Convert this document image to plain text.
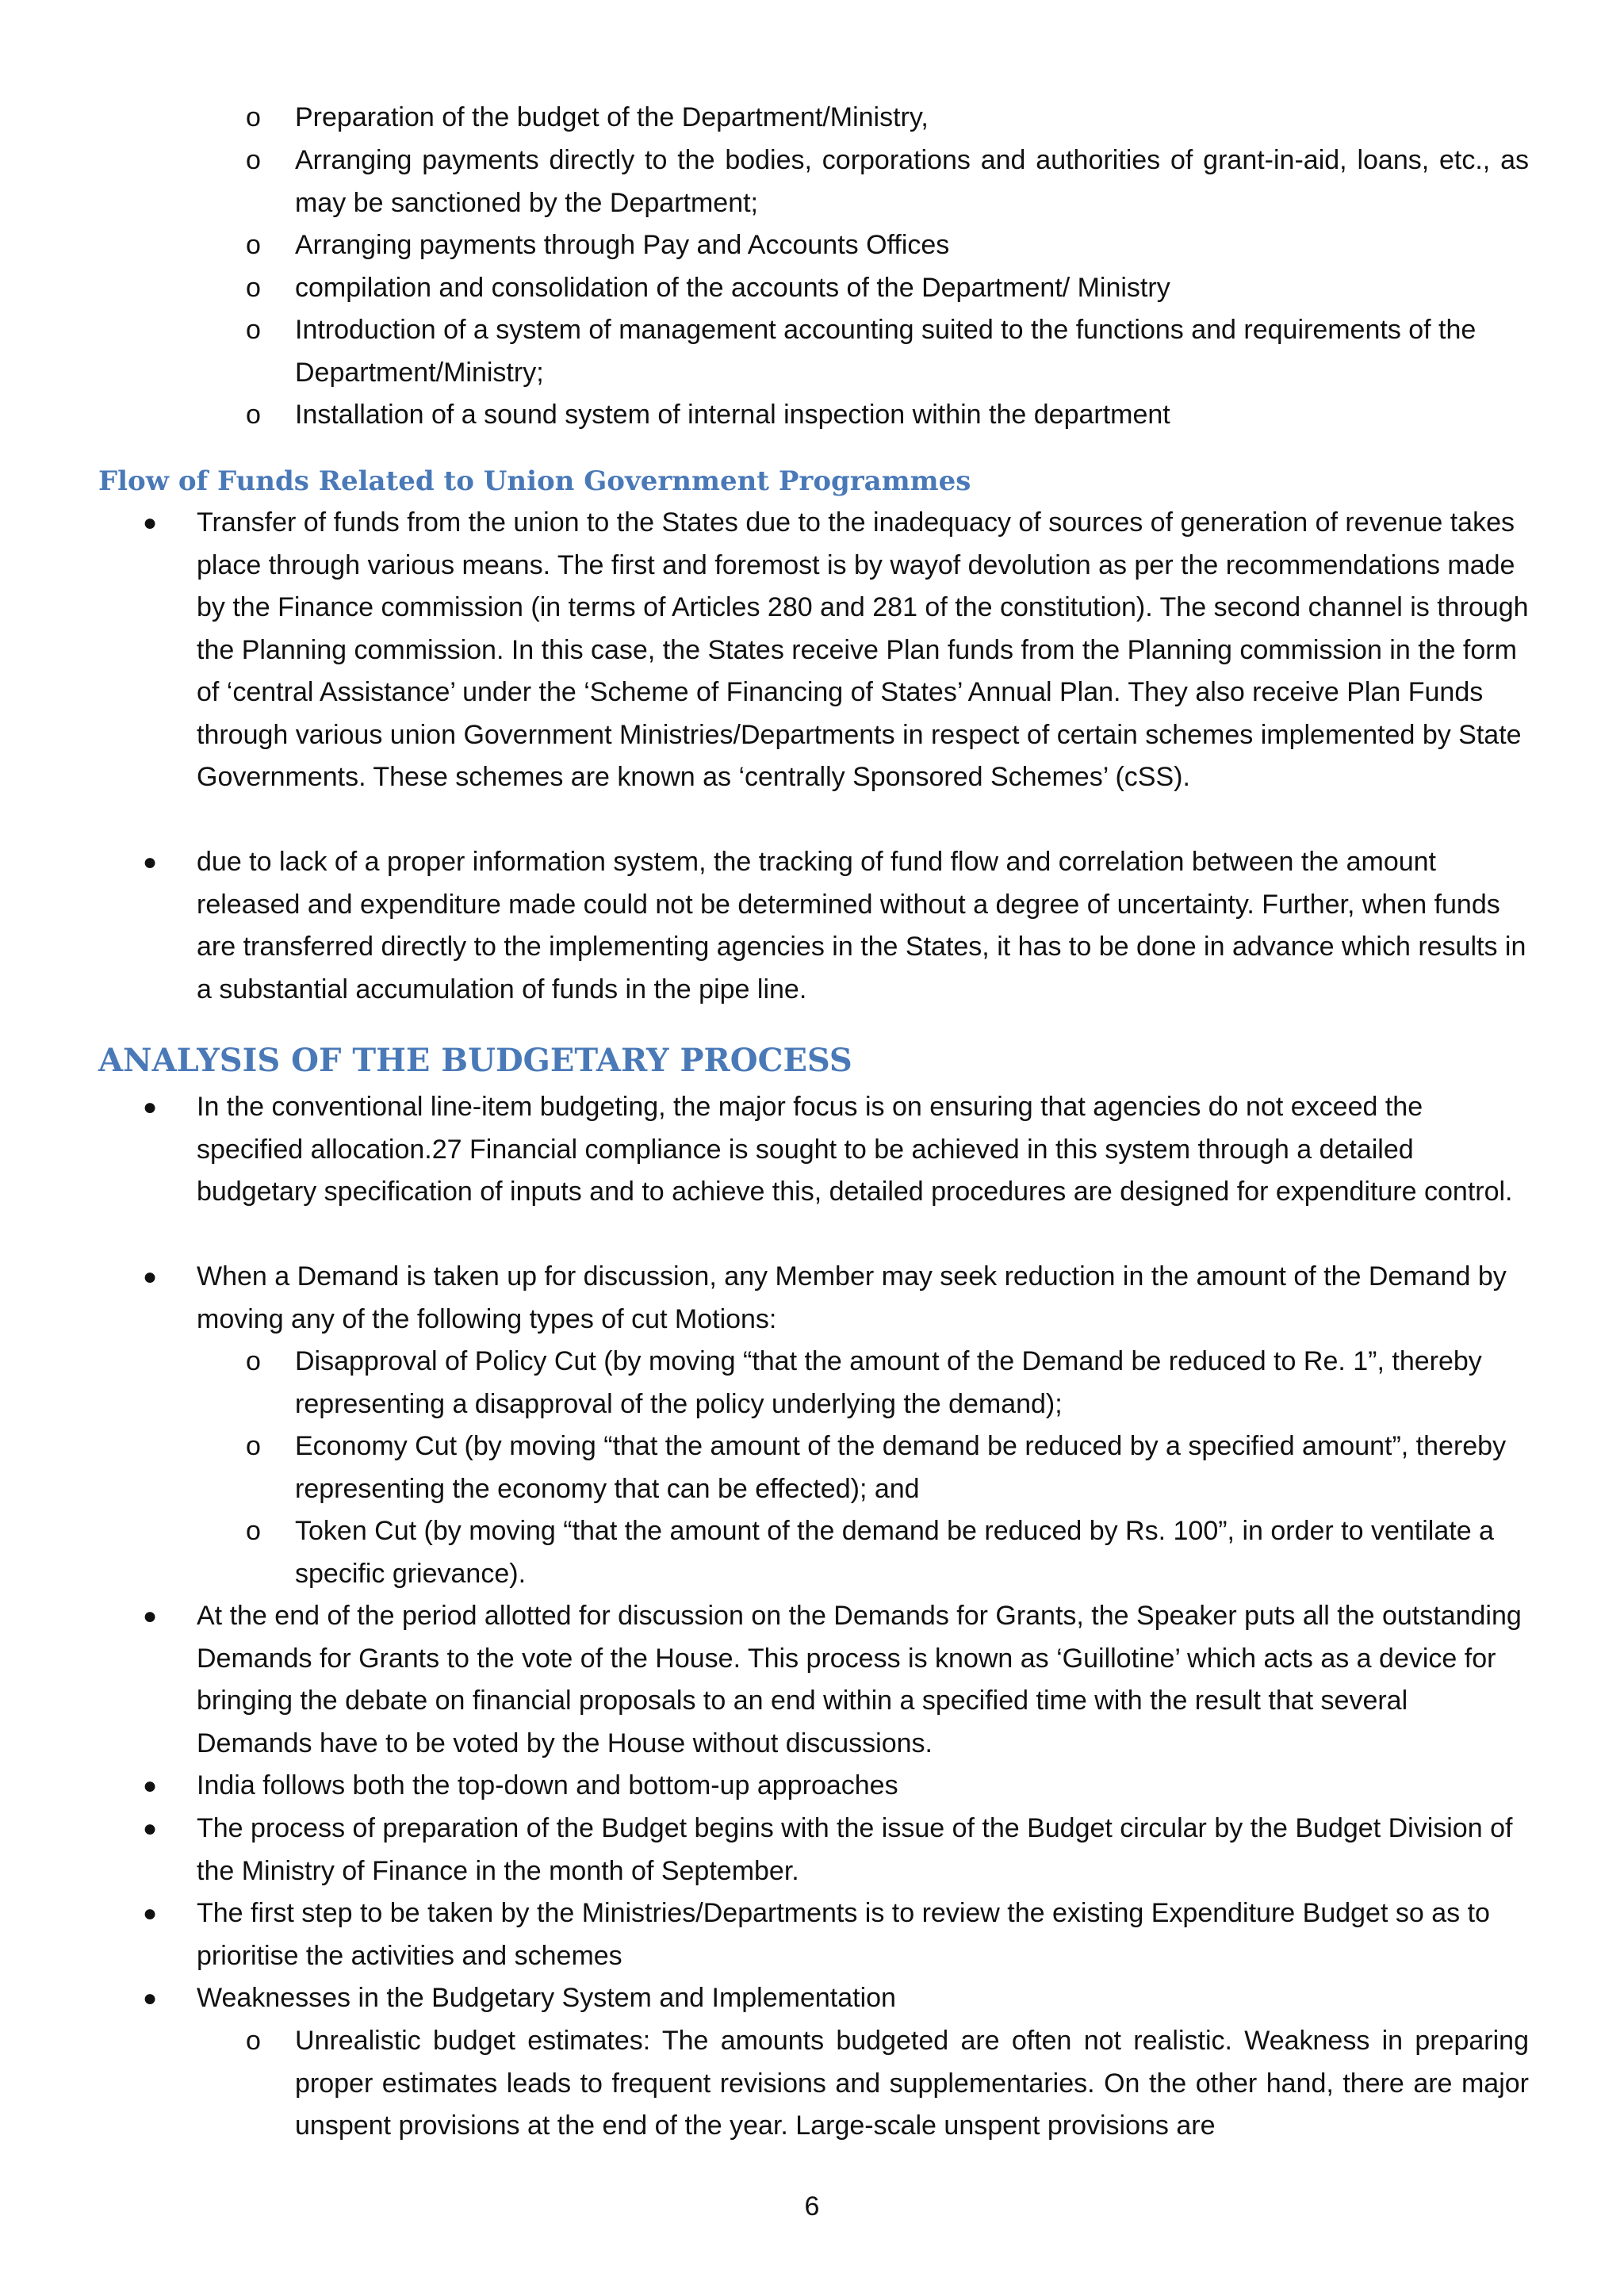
o Preparation of the budget of the Department/Ministry,

o Arranging payments directly to the bodies, corporations and authorities of grant-in-aid, loans, etc., as may be sanctioned by the Department;

o Arranging payments through Pay and Accounts Offices

o compilation and consolidation of the accounts of the Department/ Ministry

o Introduction of a system of management accounting suited to the functions and requirements of the Department/Ministry;

o Installation of a sound system of internal inspection within the department

Flow of Funds Related to Union Government Programmes
● Transfer of funds from the union to the States due to the inadequacy of sources of generation of revenue takes place through various means. The first and foremost is by wayof devolution as per the recommendations made by the Finance commission (in terms of Articles 280 and 281 of the constitution). The second channel is through the Planning commission. In this case, the States receive Plan funds from the Planning commission in the form of ‘central Assistance’ under the ‘Scheme of Financing of States’ Annual Plan. They also receive Plan Funds through various union Government Ministries/Departments in respect of certain schemes implemented by State Governments. These schemes are known as ‘centrally Sponsored Schemes’ (cSS).

● due to lack of a proper information system, the tracking of fund flow and correlation between the amount released and expenditure made could not be determined without a degree of uncertainty. Further, when funds are transferred directly to the implementing agencies in the States, it has to be done in advance which results in a substantial accumulation of funds in the pipe line.

ANALYSIS OF THE BUDGETARY PROCESS
● In the conventional line-item budgeting, the major focus is on ensuring that agencies do not exceed the specified allocation.27 Financial compliance is sought to be achieved in this system through a detailed budgetary specification of inputs and to achieve this, detailed procedures are designed for expenditure control.

● When a Demand is taken up for discussion, any Member may seek reduction in the amount of the Demand by moving any of the following types of cut Motions:

o Disapproval of Policy Cut (by moving “that the amount of the Demand be reduced to Re. 1”, thereby representing a disapproval of the policy underlying the demand);

o Economy Cut (by moving “that the amount of the demand be reduced by a specified amount”, thereby representing the economy that can be effected); and

o Token Cut (by moving “that the amount of the demand be reduced by Rs. 100”, in order to ventilate a specific grievance).

● At the end of the period allotted for discussion on the Demands for Grants, the Speaker puts all the outstanding Demands for Grants to the vote of the House. This process is known as ‘Guillotine’ which acts as a device for bringing the debate on financial proposals to an end within a specified time with the result that several Demands have to be voted by the House without discussions.

● India follows both the top-down and bottom-up approaches

● The process of preparation of the Budget begins with the issue of the Budget circular by the Budget Division of the Ministry of Finance in the month of September.

● The first step to be taken by the Ministries/Departments is to review the existing Expenditure Budget so as to prioritise the activities and schemes

● Weaknesses in the Budgetary System and Implementation

o Unrealistic budget estimates: The amounts budgeted are often not realistic. Weakness in preparing proper estimates leads to frequent revisions and supplementaries. On the other hand, there are major unspent provisions at the end of the year. Large-scale unspent provisions are

6
